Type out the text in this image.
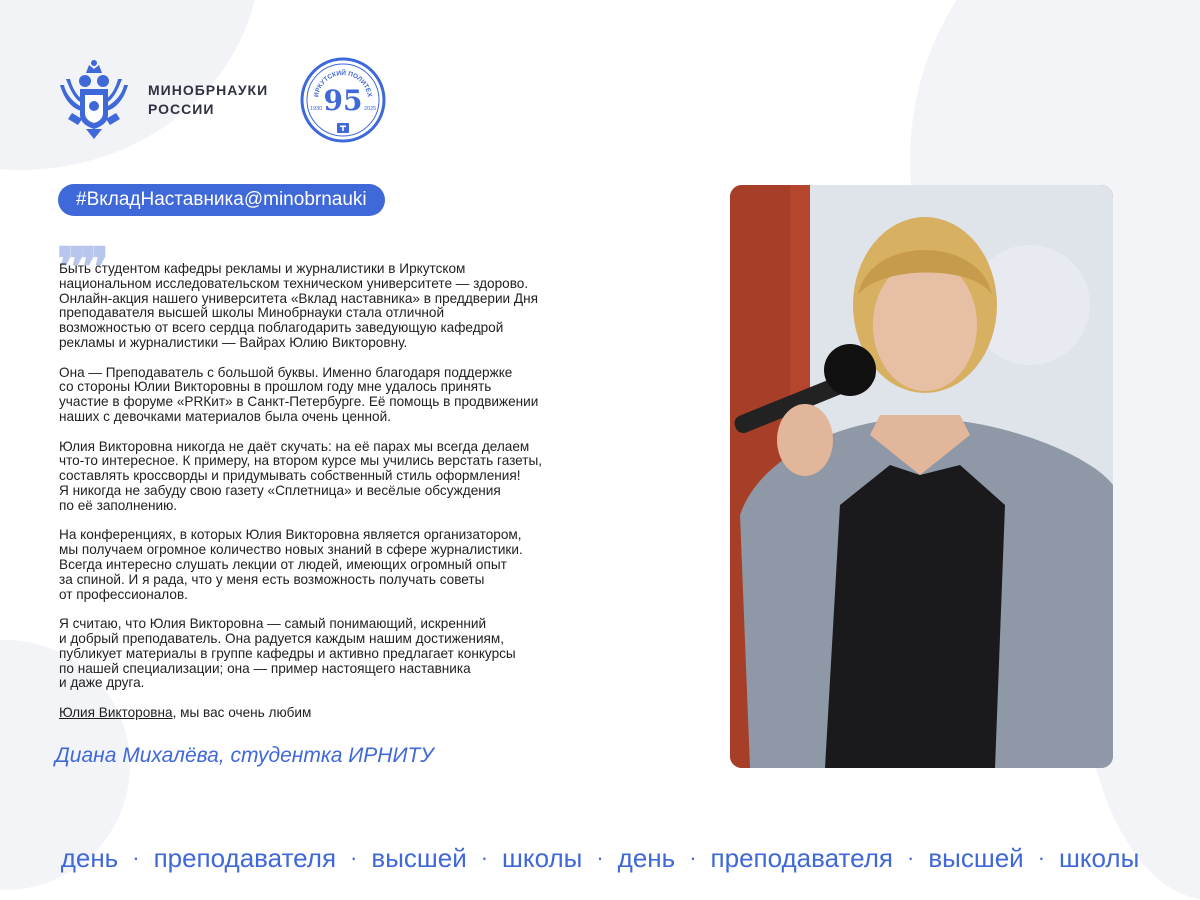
МИНОБРНАУКИ
РОССИИ
ИРКУТСКИЙ ПОЛИТЕХ
95
1930	2025
#ВкладНаставника@minobrnauki
❞❞

Быть студентом кафедры рекламы и журналистики в Иркутском
национальном исследовательском техническом университете — здорово.
Онлайн-акция нашего университета «Вклад наставника» в преддверии Дня
преподавателя высшей школы Минобрнауки стала отличной
возможностью от всего сердца поблагодарить заведующую кафедрой
рекламы и журналистики — Вайрах Юлию Викторовну.

Она — Преподаватель с большой буквы. Именно благодаря поддержке
со стороны Юлии Викторовны в прошлом году мне удалось принять
участие в форуме «PRКит» в Санкт-Петербурге. Её помощь в продвижении
наших с девочками материалов была очень ценной.

Юлия Викторовна никогда не даёт скучать: на её парах мы всегда делаем
что-то интересное. К примеру, на втором курсе мы учились верстать газеты,
составлять кроссворды и придумывать собственный стиль оформления!
Я никогда не забуду свою газету «Сплетница» и весёлые обсуждения
по её заполнению.

На конференциях, в которых Юлия Викторовна является организатором,
мы получаем огромное количество новых знаний в сфере журналистики.
Всегда интересно слушать лекции от людей, имеющих огромный опыт
за спиной. И я рада, что у меня есть возможность получать советы
от профессионалов.

Я считаю, что Юлия Викторовна — самый понимающий, искренний
и добрый преподаватель. Она радуется каждым нашим достижениям,
публикует материалы в группе кафедры и активно предлагает конкурсы
по нашей специализации; она — пример настоящего наставника
и даже друга.

Юлия Викторовна, мы вас очень любим

Диана Михалёва, студентка ИРНИТУ
день · преподавателя · высшей · школы · день · преподавателя · высшей · школы
